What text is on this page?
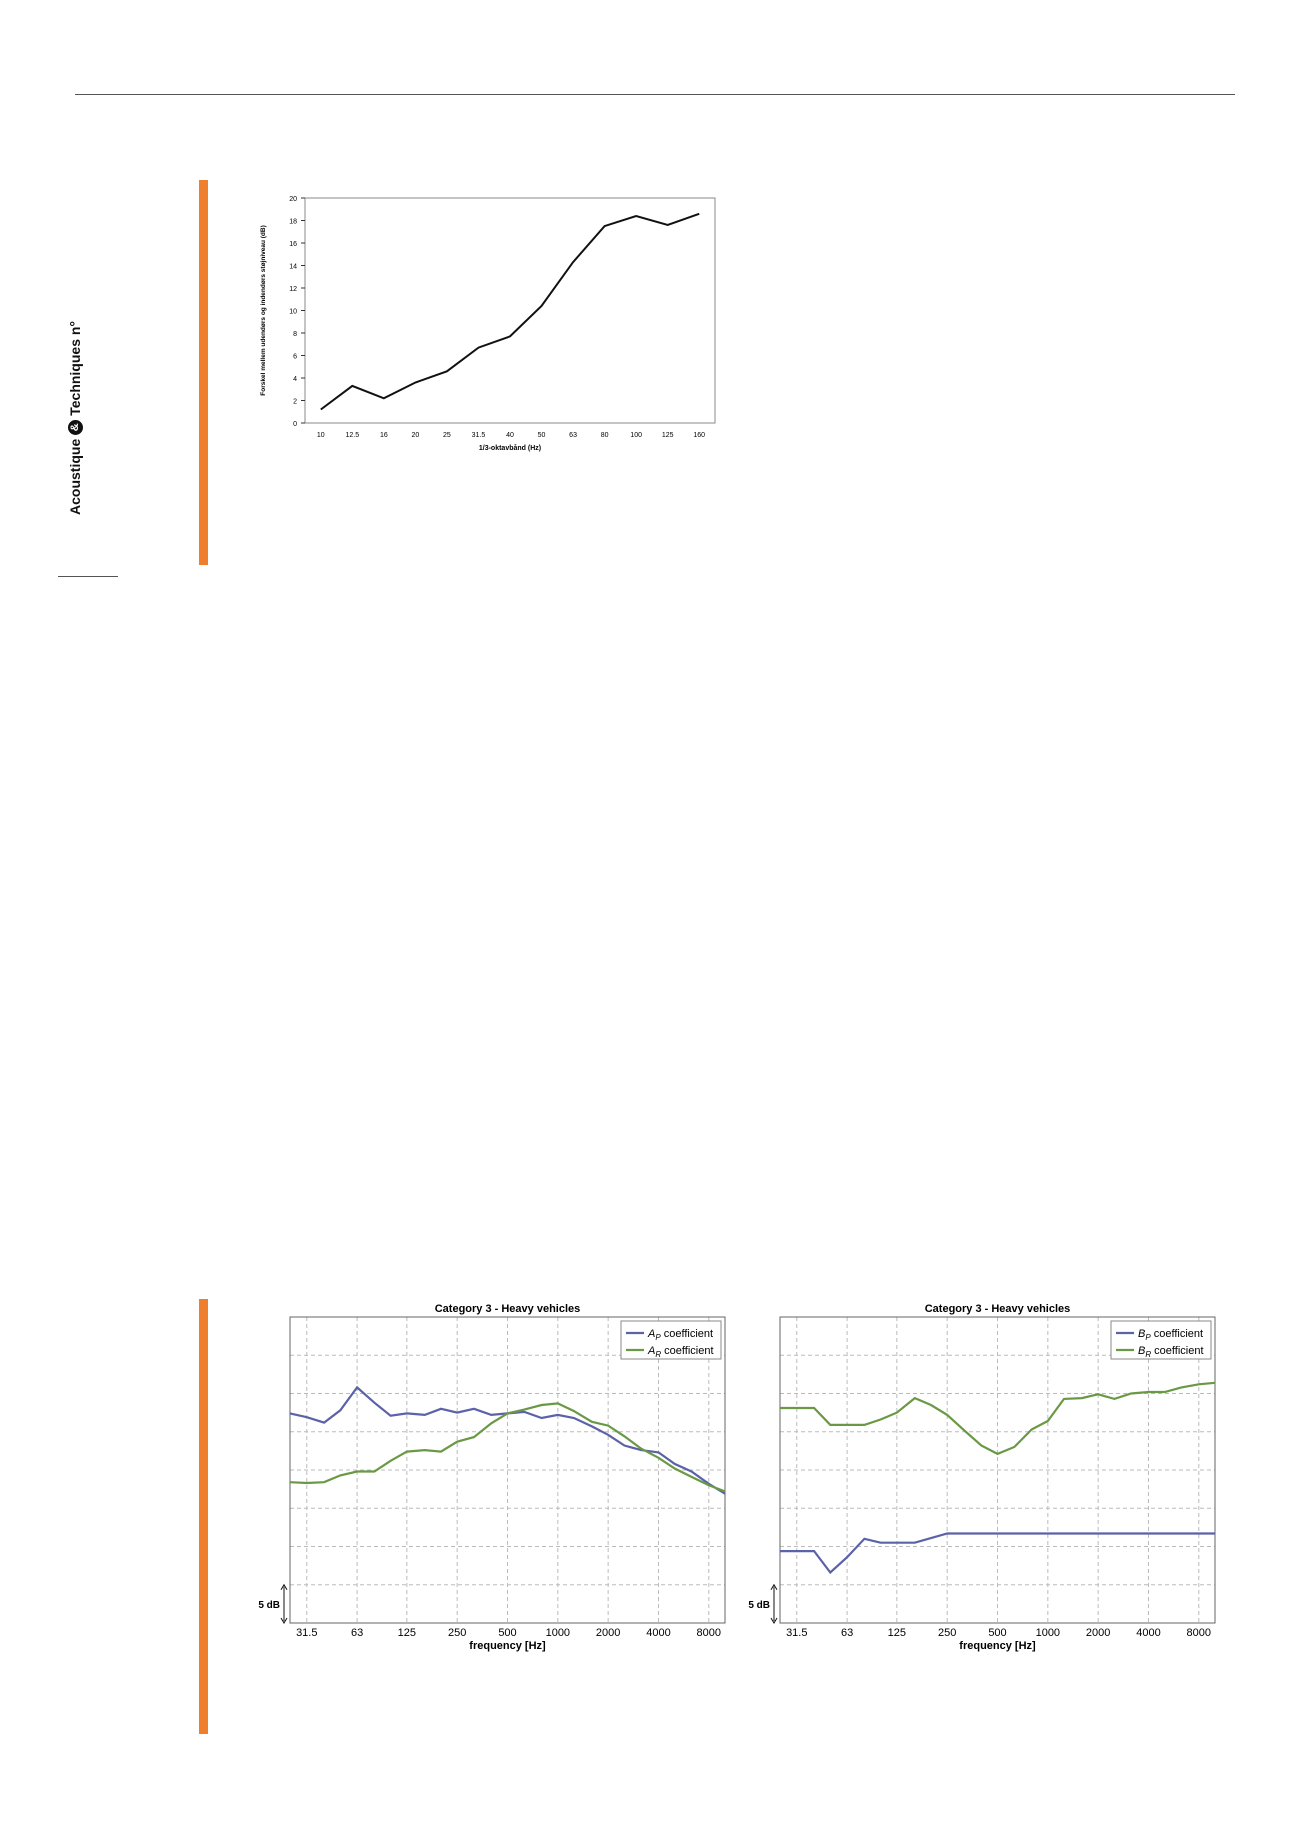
Acoustique
&
Techniques n°
0
2
4
6
8
10
12
14
16
18
20
10	12.5	16	20	25	31.5	40	50	63	80	100	125	160
1/3-oktavbånd (Hz)
Forskel mellem udendørs og indendørs støjniveau (dB)
Category 3 - Heavy vehicles
31.5	63	125	250	500	1000 2000 4000 8000
frequency [Hz]
5 dB
$A_P$ coefficient
$A_R$ coefficient
Category 3 - Heavy vehicles
31.5	63	125	250	500	1000 2000 4000 8000
frequency [Hz]
5 dB
$B_P$ coefficient
$B_R$ coefficient
